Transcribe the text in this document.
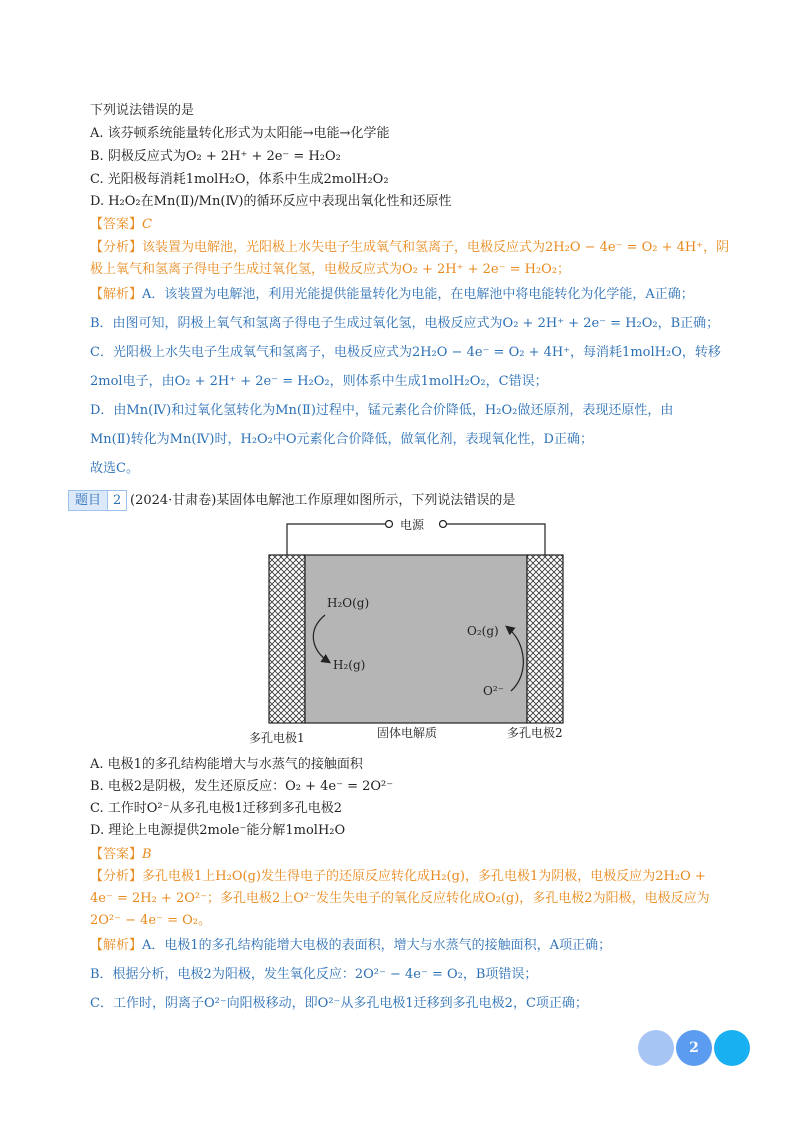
下列说法错误的是
A. 该芬顿系统能量转化形式为太阳能→电能→化学能
B. 阴极反应式为O₂ + 2H⁺ + 2e⁻ = H₂O₂
C. 光阳极每消耗1molH₂O，体系中生成2molH₂O₂
D. H₂O₂在Mn(Ⅱ)/Mn(Ⅳ)的循环反应中表现出氧化性和还原性
【答案】C
【分析】该装置为电解池，光阳极上水失电子生成氧气和氢离子，电极反应式为2H₂O − 4e⁻ = O₂ + 4H⁺，阴
极上氧气和氢离子得电子生成过氧化氢，电极反应式为O₂ + 2H⁺ + 2e⁻ = H₂O₂；
【解析】A．该装置为电解池，利用光能提供能量转化为电能，在电解池中将电能转化为化学能，A正确；
B．由图可知，阴极上氧气和氢离子得电子生成过氧化氢，电极反应式为O₂ + 2H⁺ + 2e⁻ = H₂O₂，B正确；
C．光阳极上水失电子生成氧气和氢离子，电极反应式为2H₂O − 4e⁻ = O₂ + 4H⁺，每消耗1molH₂O，转移
2mol电子，由O₂ + 2H⁺ + 2e⁻ = H₂O₂，则体系中生成1molH₂O₂，C错误；
D．由Mn(Ⅳ)和过氧化氢转化为Mn(Ⅱ)过程中，锰元素化合价降低，H₂O₂做还原剂，表现还原性，由
Mn(Ⅱ)转化为Mn(Ⅳ)时，H₂O₂中O元素化合价降低，做氧化剂，表现氧化性，D正确；
故选C。
题目 2 (2024·甘肃卷)某固体电解池工作原理如图所示，下列说法错误的是
电源
H₂O(g)
H₂(g)
O₂(g)
O²⁻
多孔电极1	固体电解质	多孔电极2
A. 电极1的多孔结构能增大与水蒸气的接触面积
B. 电极2是阴极，发生还原反应：O₂ + 4e⁻ = 2O²⁻
C. 工作时O²⁻从多孔电极1迁移到多孔电极2
D. 理论上电源提供2mole⁻能分解1molH₂O
【答案】B
【分析】多孔电极1上H₂O(g)发生得电子的还原反应转化成H₂(g)，多孔电极1为阴极，电极反应为2H₂O +
4e⁻ = 2H₂ + 2O²⁻；多孔电极2上O²⁻发生失电子的氧化反应转化成O₂(g)，多孔电极2为阳极，电极反应为
2O²⁻ − 4e⁻ = O₂。
【解析】A．电极1的多孔结构能增大电极的表面积，增大与水蒸气的接触面积，A项正确；
B．根据分析，电极2为阳极，发生氧化反应：2O²⁻ − 4e⁻ = O₂，B项错误；
C．工作时，阴离子O²⁻向阳极移动，即O²⁻从多孔电极1迁移到多孔电极2，C项正确；
2
